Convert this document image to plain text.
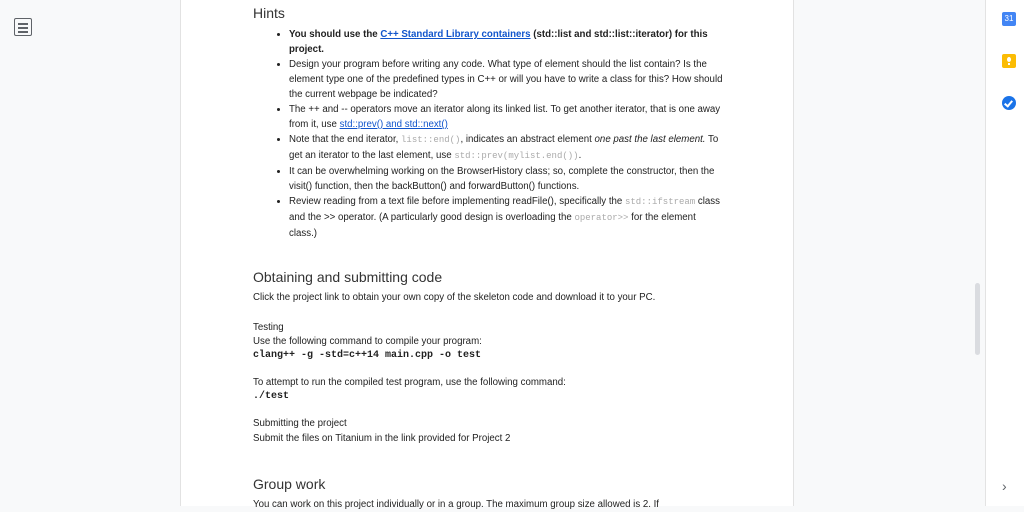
Hints
• You should use the C++ Standard Library containers (std::list and std::list::iterator) for this project.
• Design your program before writing any code. What type of element should the list contain? Is the element type one of the predefined types in C++ or will you have to write a class for this? How should the current webpage be indicated?
• The ++ and -- operators move an iterator along its linked list. To get another iterator, that is one away from it, use std::prev() and std::next()
• Note that the end iterator, list::end(), indicates an abstract element one past the last element. To get an iterator to the last element, use std::prev(mylist.end()).
• It can be overwhelming working on the BrowserHistory class; so, complete the constructor, then the visit() function, then the backButton() and forwardButton() functions.
• Review reading from a text file before implementing readFile(), specifically the std::ifstream class and the >> operator. (A particularly good design is overloading the operator>> for the element class.)
Obtaining and submitting code
Click the project link to obtain your own copy of the skeleton code and download it to your PC.
Testing
Use the following command to compile your program:
clang++ -g -std=c++14 main.cpp -o test
To attempt to run the compiled test program, use the following command:
./test
Submitting the project
Submit the files on Titanium in the link provided for Project 2
Group work
You can work on this project individually or in a group. The maximum group size allowed is 2. If
31
›
